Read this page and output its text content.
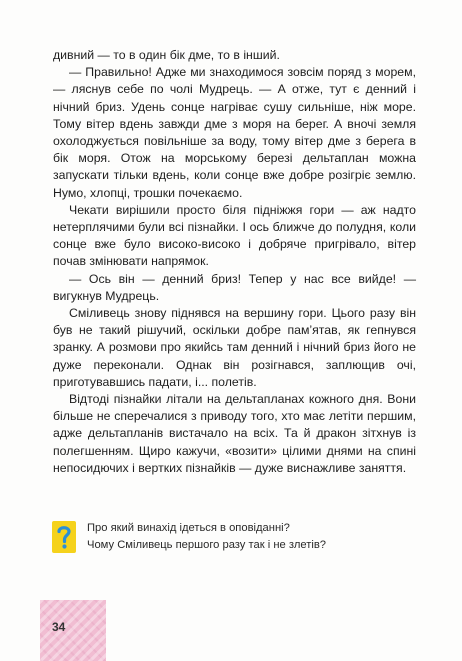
дивний — то в один бік дме, то в інший.

— Правильно! Адже ми знаходимося зовсім поряд з морем, — ляснув себе по чолі Мудрець. — А отже, тут є денний і нічний бриз. Удень сонце нагріває сушу сильніше, ніж море. Тому вітер вдень завжди дме з моря на берег. А вночі земля охолоджується повільніше за воду, тому вітер дме з берега в бік моря. Отож на морському березі дельтаплан можна запускати тільки вдень, коли сонце вже добре розігріє землю. Нумо, хлопці, трошки почекаємо.

Чекати вирішили просто біля підніжжя гори — аж надто нетерплячими були всі пізнайки. І ось ближче до полудня, коли сонце вже було високо-високо і добряче пригрівало, вітер почав змінювати напрямок.

— Ось він — денний бриз! Тепер у нас все вийде! — вигукнув Мудрець.

Сміливець знову піднявся на вершину гори. Цього разу він був не такий рішучий, оскільки добре пам’ятав, як гепнувся зранку. А розмови про якийсь там денний і нічний бриз його не дуже переконали. Однак він розігнався, заплющив очі, приготувавшись падати, і... полетів.

Відтоді пізнайки літали на дельтапланах кожного дня. Вони більше не сперечалися з приводу того, хто має летіти першим, адже дельтапланів вистачало на всіх. Та й дракон зітхнув із полегшенням. Щиро кажучи, «возити» цілими днями на спині непосидючих і вертких пізнайків — дуже виснажливе заняття.

Про який винахід ідеться в оповіданні?
Чому Сміливець першого разу так і не злетів?
34
